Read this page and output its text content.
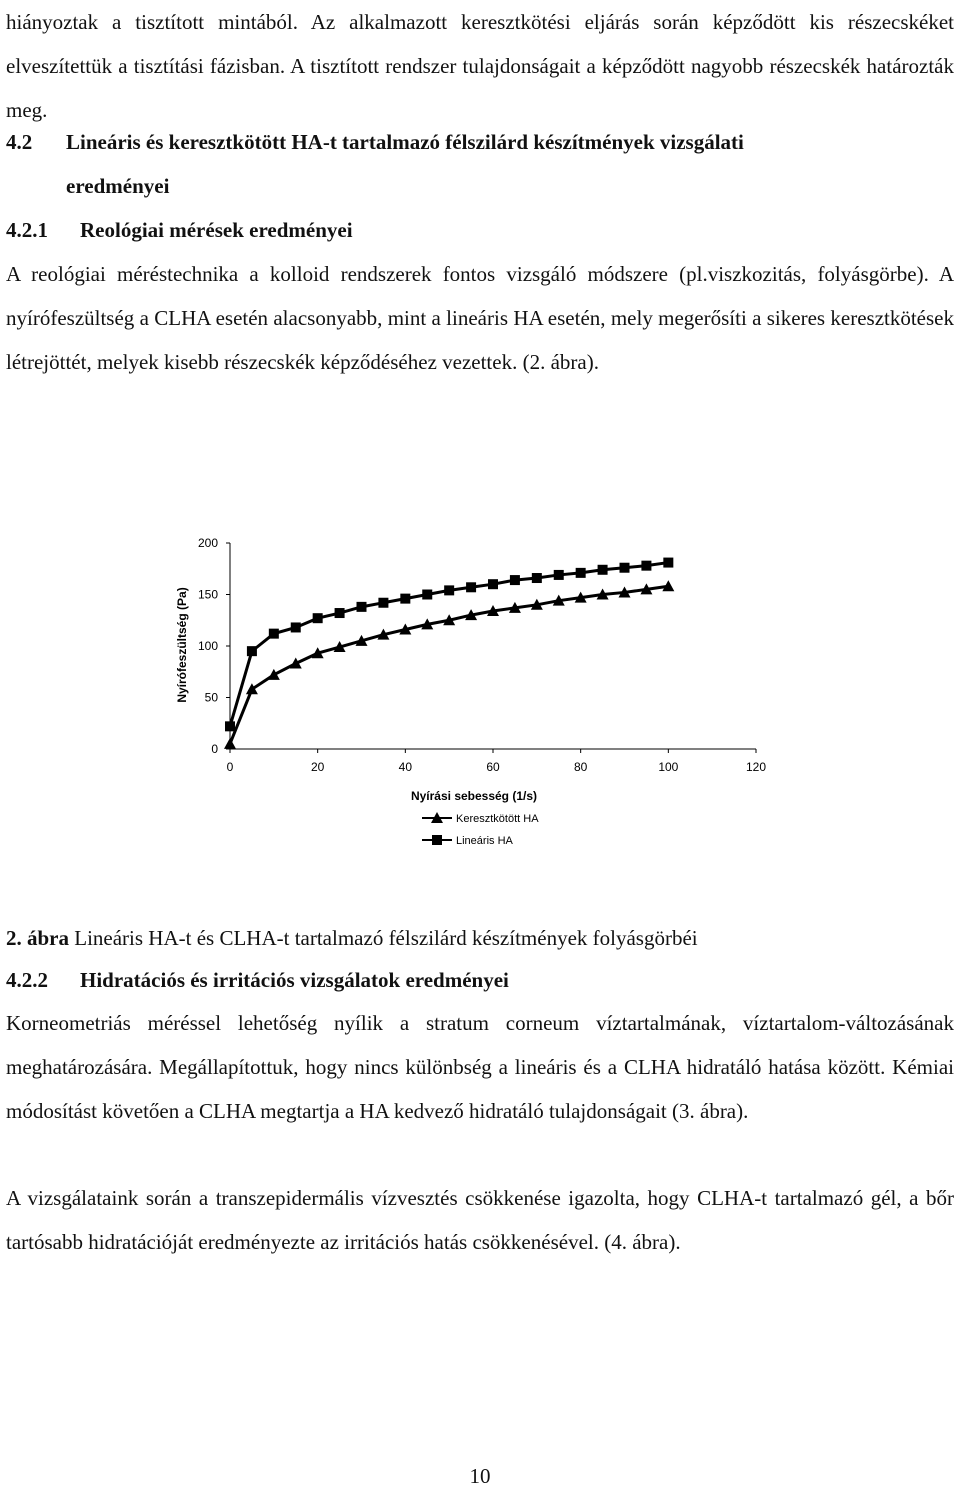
hiányoztak a tisztított mintából. Az alkalmazott keresztkötési eljárás során képződött kis részecskéket elveszítettük a tisztítási fázisban. A tisztított rendszer tulajdonságait a képződött nagyobb részecskék határozták meg.
4.2 Lineáris és keresztkötött HA-t tartalmazó félszilárd készítmények vizsgálati
eredményei
4.2.1 Reológiai mérések eredményei
A reológiai méréstechnika a kolloid rendszerek fontos vizsgáló módszere (pl.viszkozitás, folyásgörbe). A nyírófeszültség a CLHA esetén alacsonyabb, mint a lineáris HA esetén, mely megerősíti a sikeres keresztkötések létrejöttét, melyek kisebb részecskék képződéséhez vezettek. (2. ábra).
0	20	40	60	80	100	120
0
50
100
150
200
Nyírási sebesség (1/s)
Nyírófeszültség (Pa)
Keresztkötött HA
Lineáris HA
2. ábra Lineáris HA-t és CLHA-t tartalmazó félszilárd készítmények folyásgörbéi
4.2.2 Hidratációs és irritációs vizsgálatok eredményei
Korneometriás méréssel lehetőség nyílik a stratum corneum víztartalmának, víztartalom-változásának meghatározására. Megállapítottuk, hogy nincs különbség a lineáris és a CLHA hidratáló hatása között. Kémiai módosítást követően a CLHA megtartja a HA kedvező hidratáló tulajdonságait (3. ábra).
A vizsgálataink során a transzepidermális vízvesztés csökkenése igazolta, hogy CLHA-t tartalmazó gél, a bőr tartósabb hidratációját eredményezte az irritációs hatás csökkenésével. (4. ábra).
10
